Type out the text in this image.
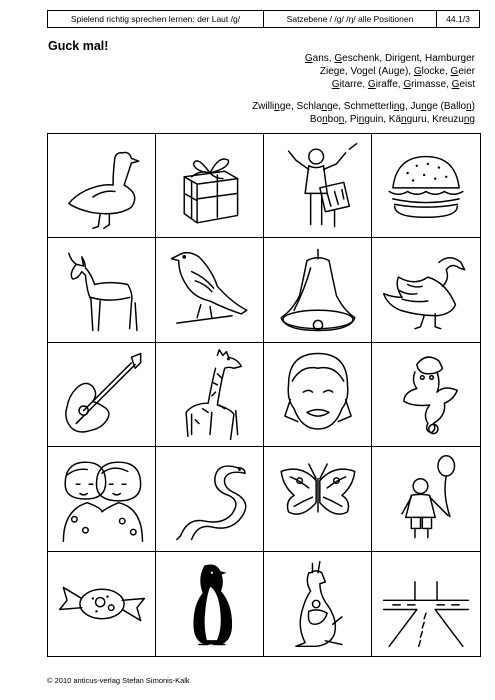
Spielend richtig sprechen lernen: der Laut /g/	Satzebene / /g/ /ŋ/ alle Positionen	44.1/3
Guck mal!
Gans, Geschenk, Dirigent, Hamburger
Ziege, Vogel (Auge), Glocke, Geier
Gitarre, Giraffe, Grimasse, Geist
Zwillinge, Schlange, Schmetterling, Junge (Ballon)
Bonbon, Pinguin, Känguru, Kreuzung
© 2010 anticus-verlag Stefan Simonis-Kalk
